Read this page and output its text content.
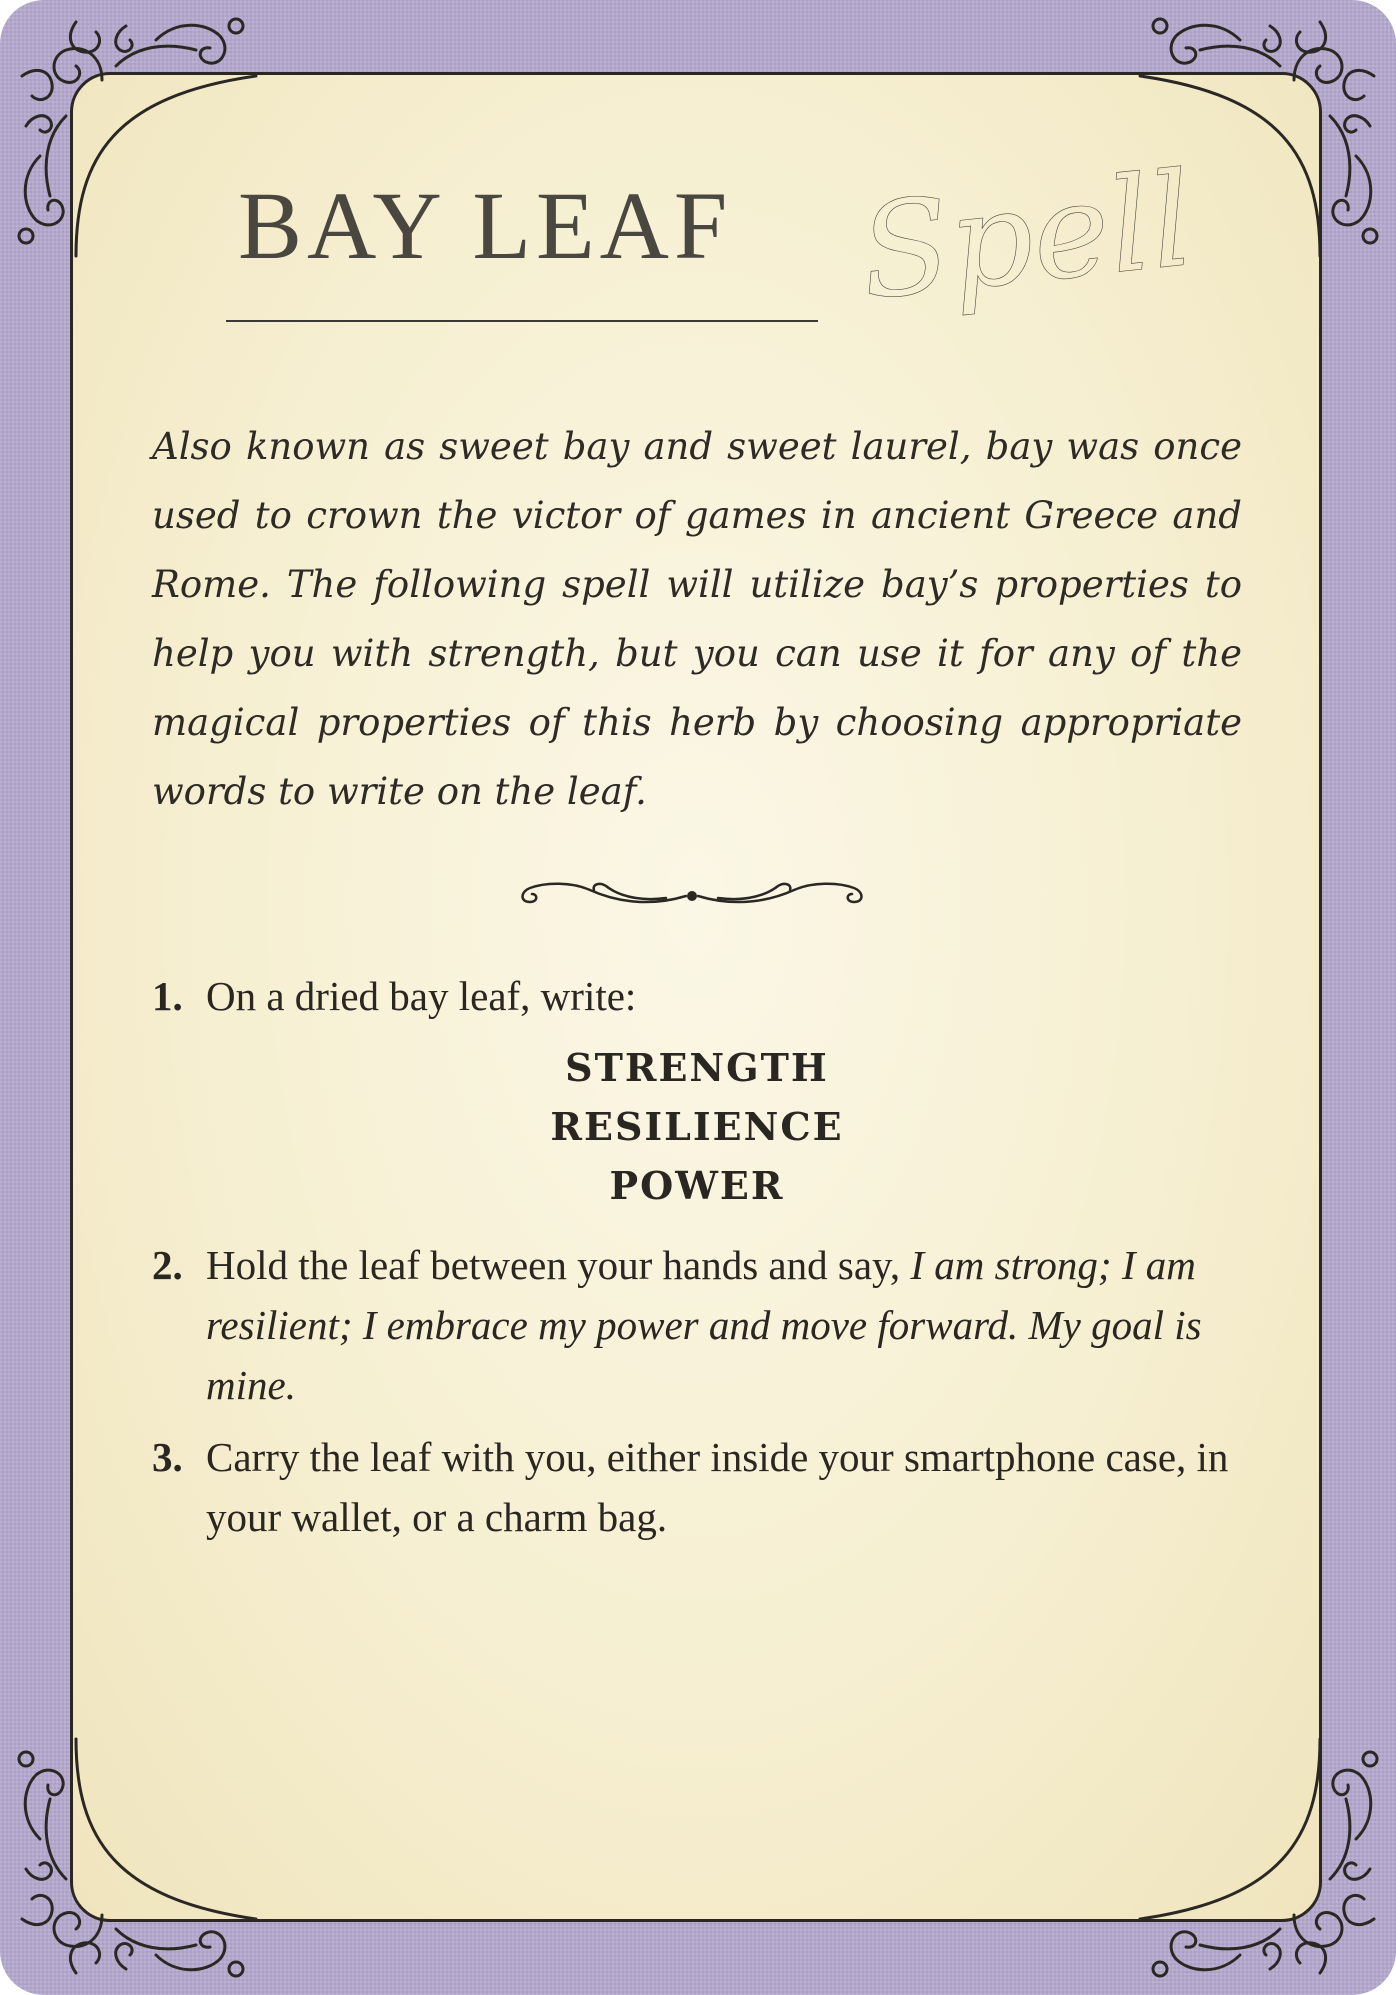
BAY LEAF Spell

Also known as sweet bay and sweet laurel, bay was once used to crown the victor of games in ancient Greece and Rome. The following spell will utilize bay’s properties to help you with strength, but you can use it for any of the magical properties of this herb by choosing appropriate words to write on the leaf.

1. On a dried bay leaf, write:
STRENGTH
RESILIENCE
POWER
2. Hold the leaf between your hands and say, I am strong; I am resilient; I embrace my power and move forward. My goal is mine.
3. Carry the leaf with you, either inside your smartphone case, in your wallet, or a charm bag.
